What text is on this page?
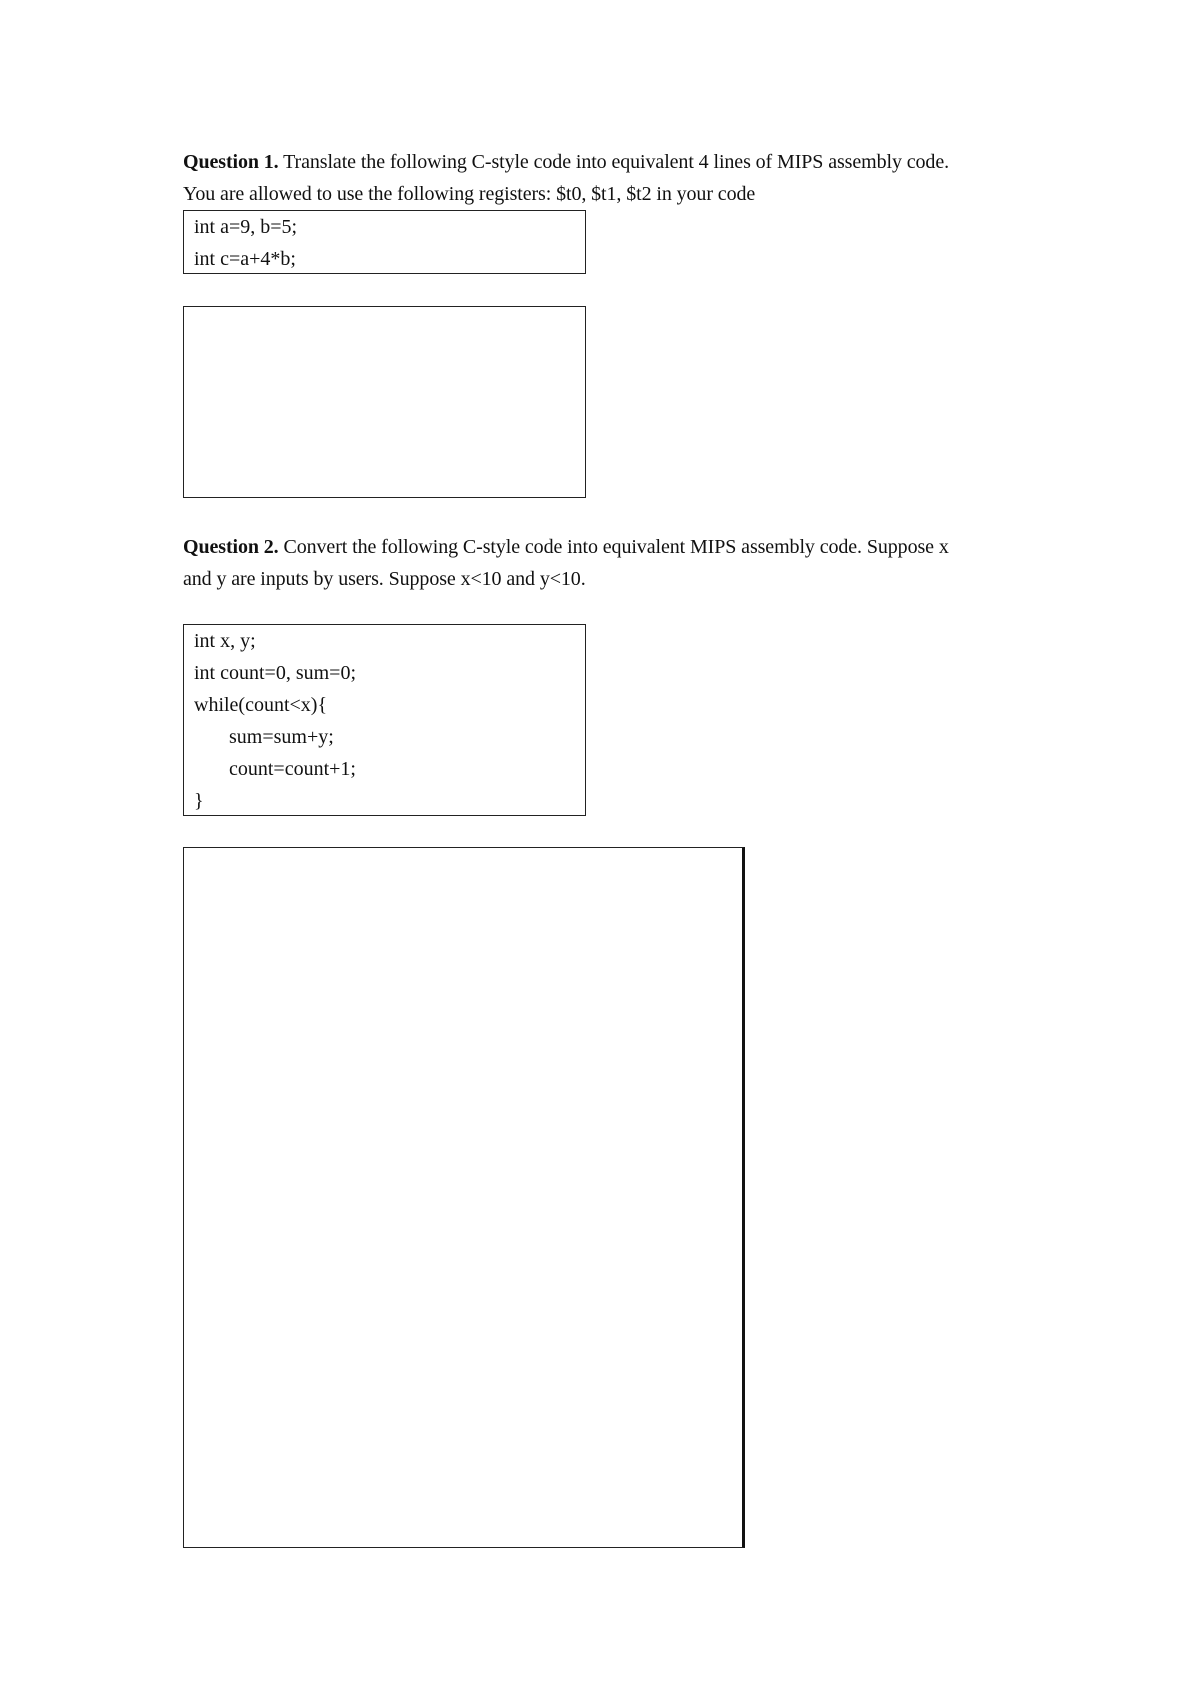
Question 1. Translate the following C-style code into equivalent 4 lines of MIPS assembly code.
You are allowed to use the following registers: $t0, $t1, $t2 in your code
int a=9, b=5;
int c=a+4*b;
Question 2. Convert the following C-style code into equivalent MIPS assembly code. Suppose x
and y are inputs by users. Suppose x<10 and y<10.
int x, y;
int count=0, sum=0;
while(count<x){
sum=sum+y;
count=count+1;
}
